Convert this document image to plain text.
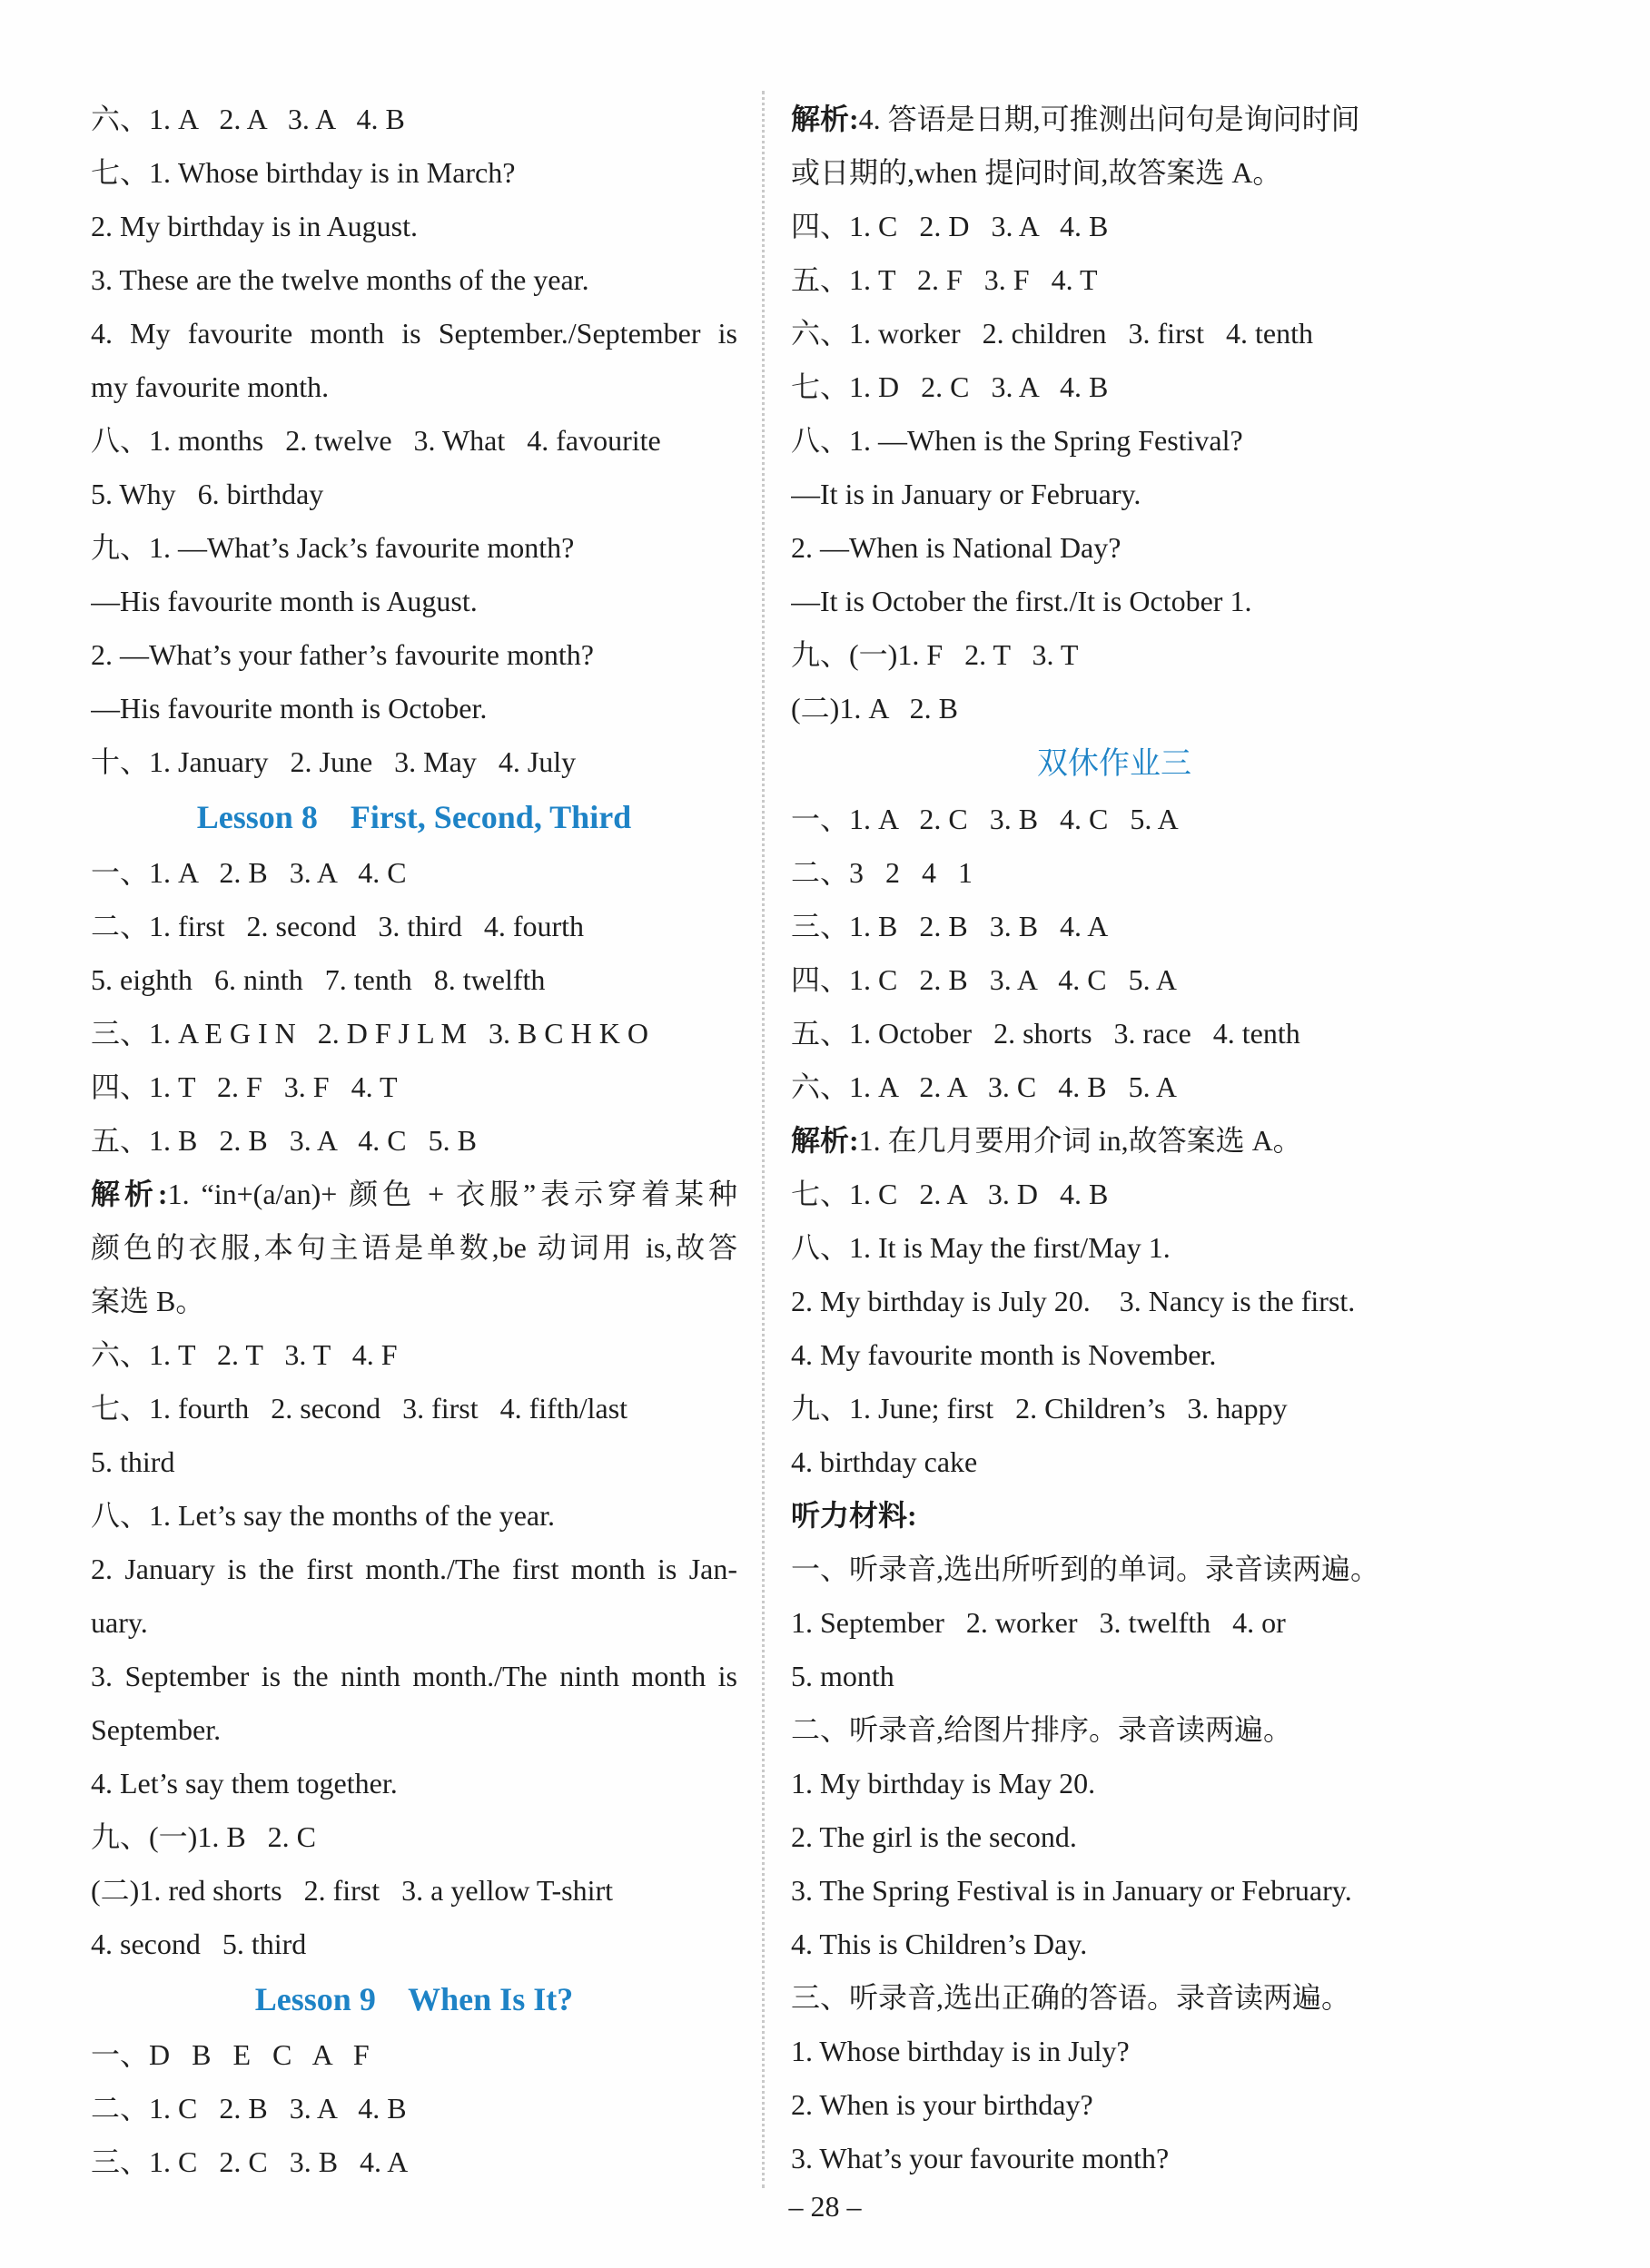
六、1. A   2. A   3. A   4. B
七、1. Whose birthday is in March?
2. My birthday is in August.
3. These are the twelve months of the year.
4. My favourite month is September./September is
my favourite month.
八、1. months   2. twelve   3. What   4. favourite
5. Why   6. birthday
九、1. —What’s Jack’s favourite month?
—His favourite month is August.
2. —What’s your father’s favourite month?
—His favourite month is October.
十、1. January   2. June   3. May   4. July
Lesson 8    First, Second, Third
一、1. A   2. B   3. A   4. C
二、1. first   2. second   3. third   4. fourth
5. eighth   6. ninth   7. tenth   8. twelfth
三、1. A E G I N   2. D F J L M   3. B C H K O
四、1. T   2. F   3. F   4. T
五、1. B   2. B   3. A   4. C   5. B
解析:1. “in+(a/an)+ 颜色 + 衣服”表示穿着某种
颜色的衣服,本句主语是单数,be 动词用 is,故答
案选 B。
六、1. T   2. T   3. T   4. F
七、1. fourth   2. second   3. first   4. fifth/last
5. third
八、1. Let’s say the months of the year.
2. January is the first month./The first month is Jan-
uary.
3. September is the ninth month./The ninth month is
September.
4. Let’s say them together.
九、(一)1. B   2. C
(二)1. red shorts   2. first   3. a yellow T-shirt
4. second   5. third
Lesson 9    When Is It?
一、D   B   E   C   A   F
二、1. C   2. B   3. A   4. B
三、1. C   2. C   3. B   4. A
解析:4. 答语是日期,可推测出问句是询问时间
或日期的,when 提问时间,故答案选 A。
四、1. C   2. D   3. A   4. B
五、1. T   2. F   3. F   4. T
六、1. worker   2. children   3. first   4. tenth
七、1. D   2. C   3. A   4. B
八、1. —When is the Spring Festival?
—It is in January or February.
2. —When is National Day?
—It is October the first./It is October 1.
九、(一)1. F   2. T   3. T
(二)1. A   2. B
双休作业三
一、1. A   2. C   3. B   4. C   5. A
二、3   2   4   1
三、1. B   2. B   3. B   4. A
四、1. C   2. B   3. A   4. C   5. A
五、1. October   2. shorts   3. race   4. tenth
六、1. A   2. A   3. C   4. B   5. A
解析:1. 在几月要用介词 in,故答案选 A。
七、1. C   2. A   3. D   4. B
八、1. It is May the first/May 1.
2. My birthday is July 20.    3. Nancy is the first.
4. My favourite month is November.
九、1. June; first   2. Children’s   3. happy
4. birthday cake
听力材料:
一、听录音,选出所听到的单词。录音读两遍。
1. September   2. worker   3. twelfth   4. or
5. month
二、听录音,给图片排序。录音读两遍。
1. My birthday is May 20.
2. The girl is the second.
3. The Spring Festival is in January or February.
4. This is Children’s Day.
三、听录音,选出正确的答语。录音读两遍。
1. Whose birthday is in July?
2. When is your birthday?
3. What’s your favourite month?
– 28 –
